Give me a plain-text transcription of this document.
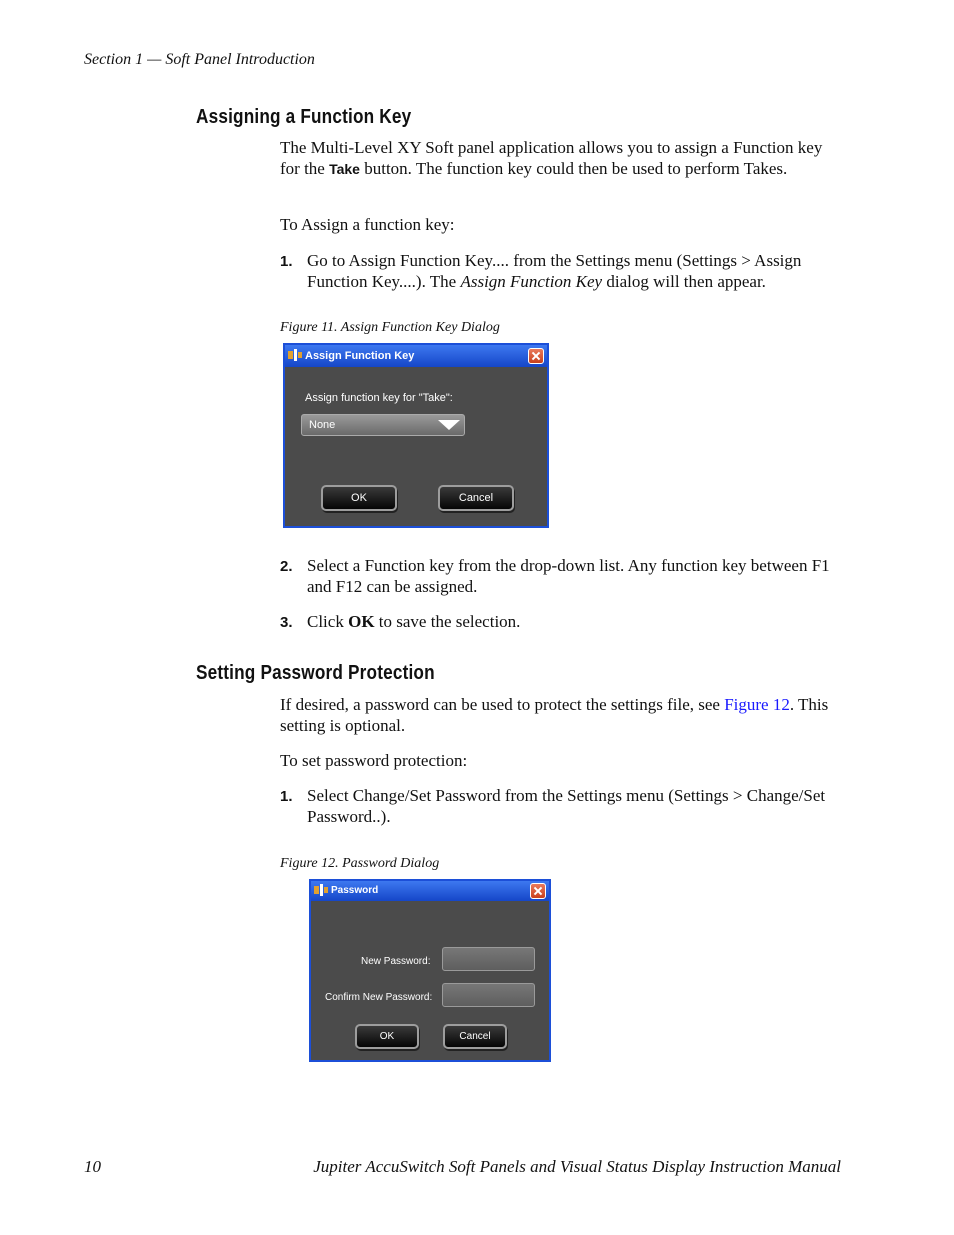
Section 1 — Soft Panel Introduction
Assigning a Function Key
The Multi-Level XY Soft panel application allows you to assign a Function key for the Take button. The function key could then be used to perform Takes.
To Assign a function key:
1. Go to Assign Function Key.... from the Settings menu (Settings > Assign Function Key....). The Assign Function Key dialog will then appear.
Figure 11. Assign Function Key Dialog
Assign Function Key
Assign function key for "Take":
None
OK	Cancel
2. Select a Function key from the drop-down list. Any function key between F1 and F12 can be assigned.
3. Click OK to save the selection.
Setting Password Protection
If desired, a password can be used to protect the settings file, see Figure 12. This setting is optional.
To set password protection:
1. Select Change/Set Password from the Settings menu (Settings > Change/Set Password..).
Figure 12. Password Dialog
Password
New Password:
Confirm New Password:
OK	Cancel
10	Jupiter AccuSwitch Soft Panels and Visual Status Display Instruction Manual
